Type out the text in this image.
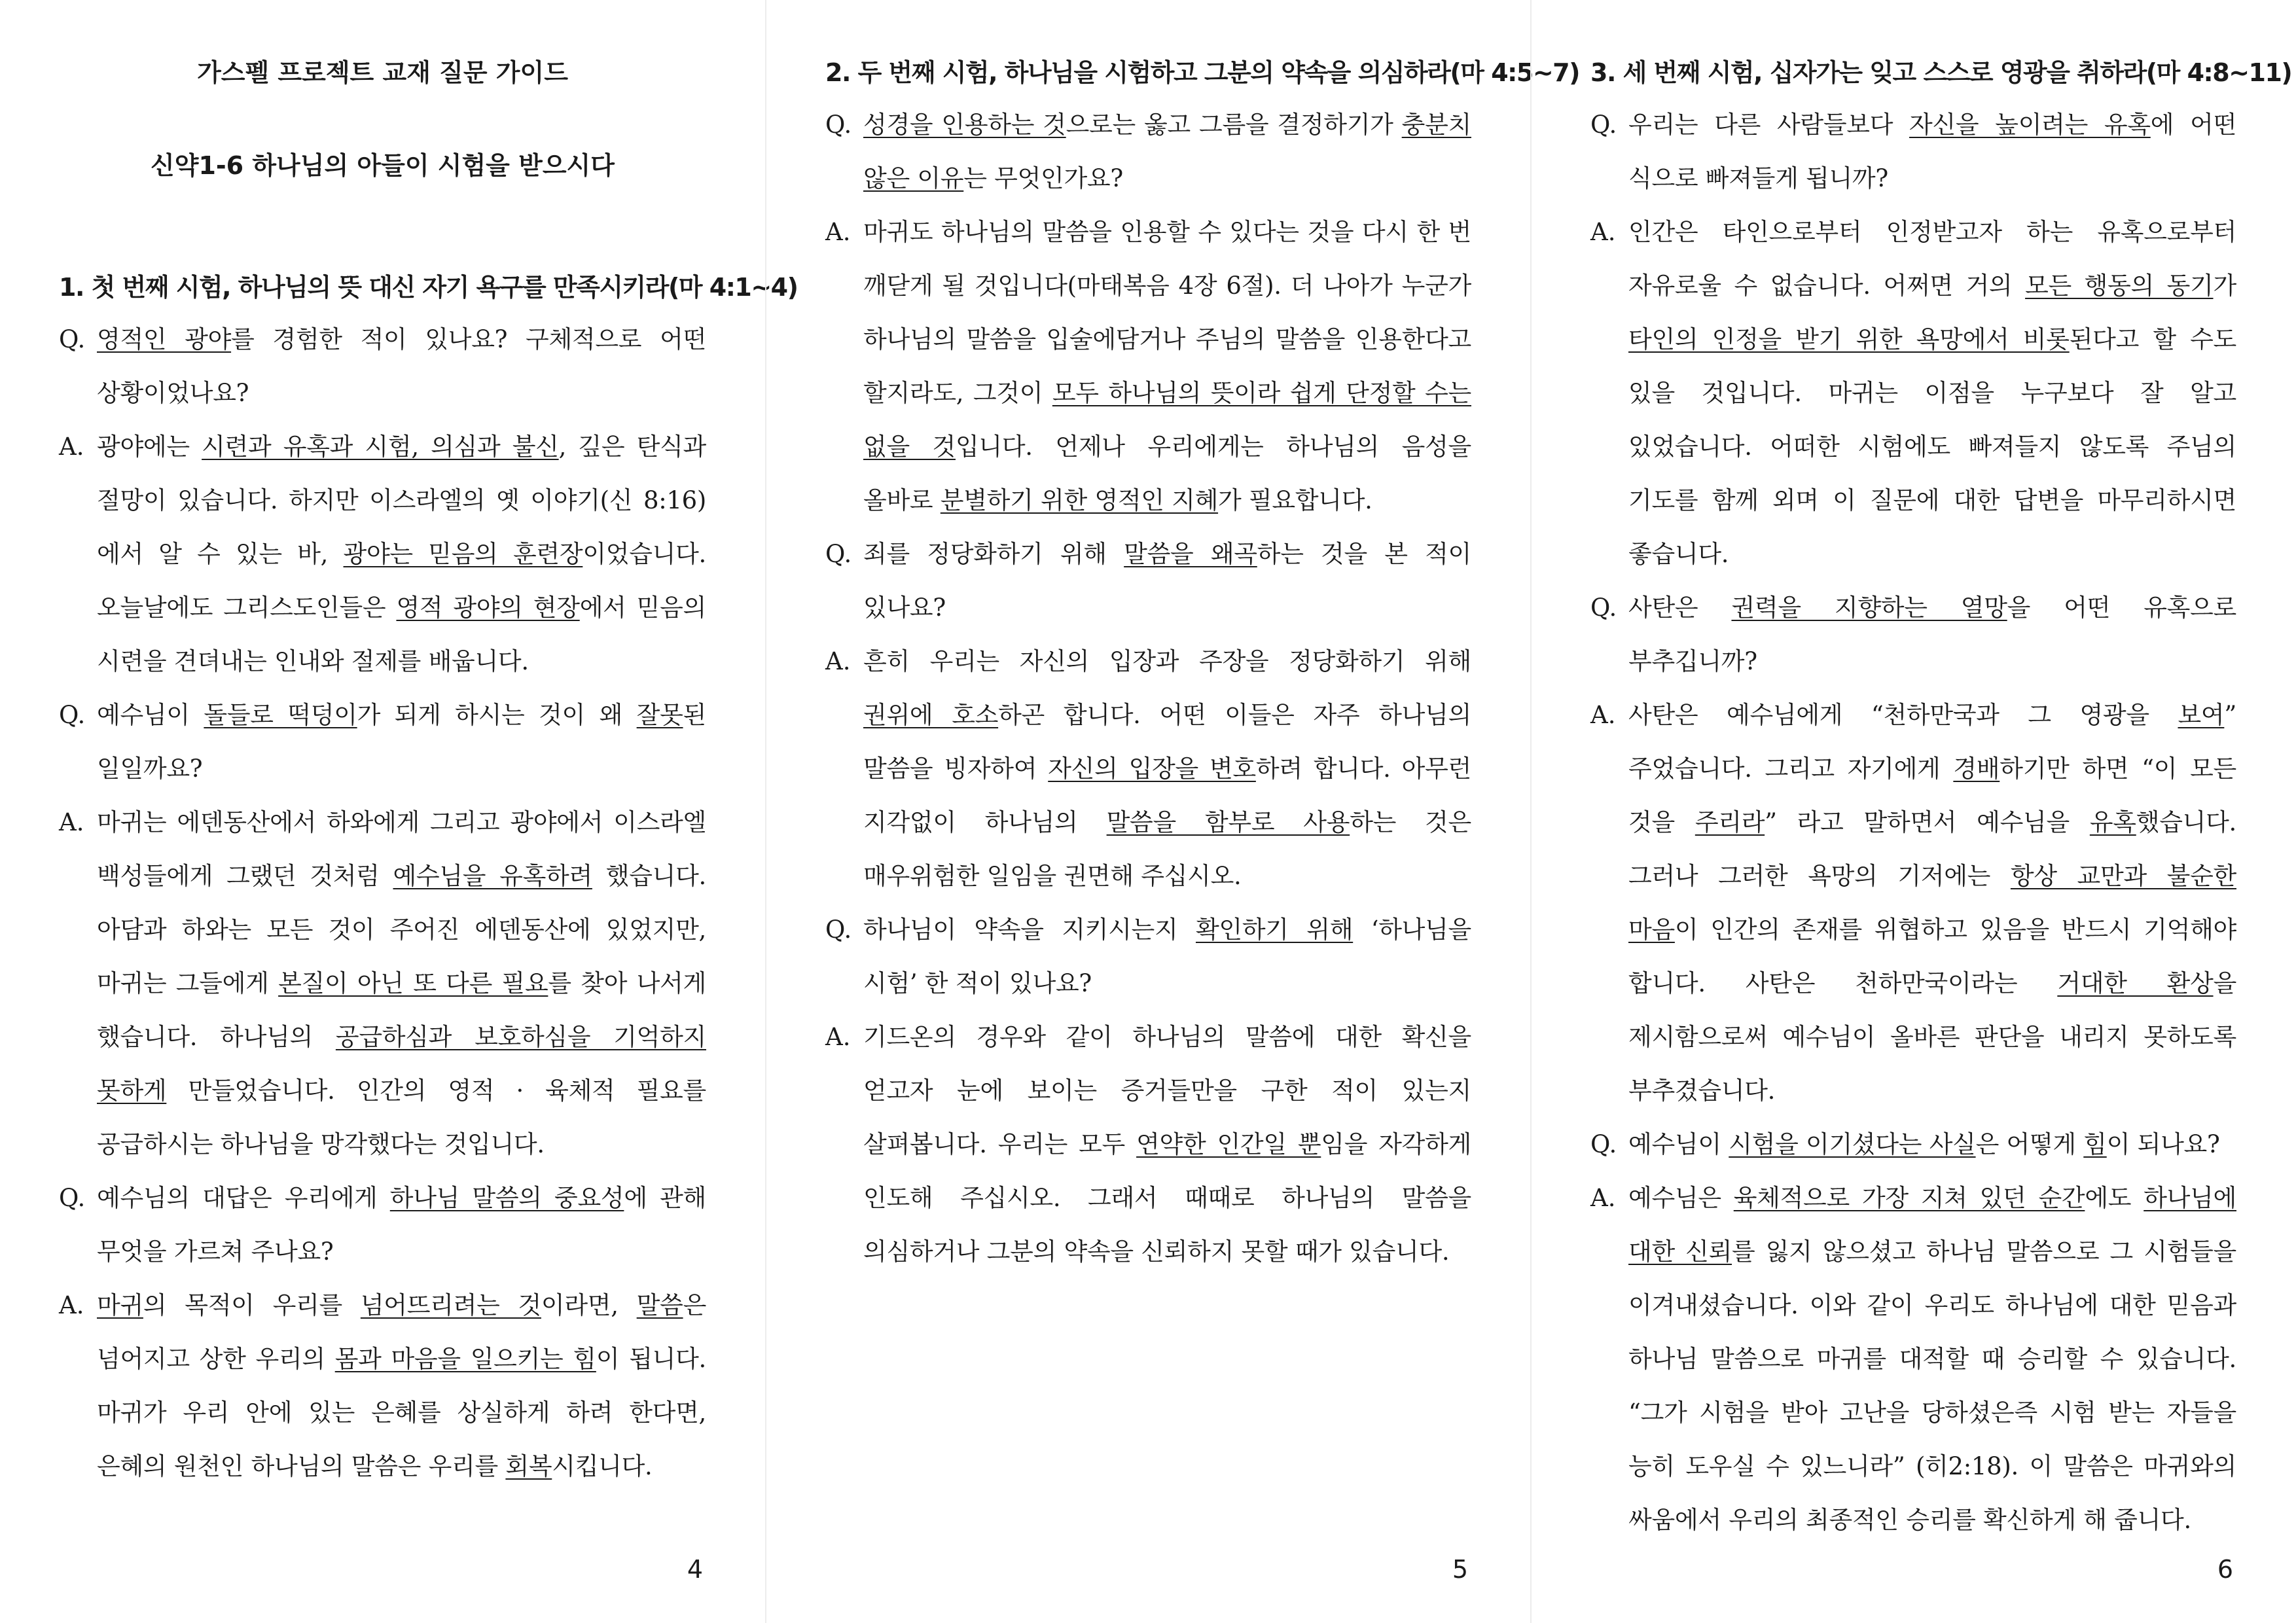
가스펠 프로젝트 교재 질문 가이드
신약1-6 하나님의 아들이 시험을 받으시다
1. 첫 번째 시험, 하나님의 뜻 대신 자기 욕구를 만족시키라(마 4:1~4)
Q. 영적인 광야를 경험한 적이 있나요? 구체적으로 어떤 상황이었나요?
A. 광야에는 시련과 유혹과 시험, 의심과 불신, 깊은 탄식과 절망이 있습니다. 하지만 이스라엘의 옛 이야기(신 8:16)에서 알 수 있는 바, 광야는 믿음의 훈련장이었습니다. 오늘날에도 그리스도인들은 영적 광야의 현장에서 믿음의 시련을 견뎌내는 인내와 절제를 배웁니다.
Q. 예수님이 돌들로 떡덩이가 되게 하시는 것이 왜 잘못된 일일까요?
A. 마귀는 에덴동산에서 하와에게 그리고 광야에서 이스라엘 백성들에게 그랬던 것처럼 예수님을 유혹하려 했습니다. 아담과 하와는 모든 것이 주어진 에덴동산에 있었지만, 마귀는 그들에게 본질이 아닌 또 다른 필요를 찾아 나서게 했습니다. 하나님의 공급하심과 보호하심을 기억하지 못하게 만들었습니다. 인간의 영적 · 육체적 필요를 공급하시는 하나님을 망각했다는 것입니다.
Q. 예수님의 대답은 우리에게 하나님 말씀의 중요성에 관해 무엇을 가르쳐 주나요?
A. 마귀의 목적이 우리를 넘어뜨리려는 것이라면, 말씀은 넘어지고 상한 우리의 몸과 마음을 일으키는 힘이 됩니다. 마귀가 우리 안에 있는 은혜를 상실하게 하려 한다면, 은혜의 원천인 하나님의 말씀은 우리를 회복시킵니다.
4
2. 두 번째 시험, 하나님을 시험하고 그분의 약속을 의심하라(마 4:5~7)
Q. 성경을 인용하는 것으로는 옳고 그름을 결정하기가 충분치 않은 이유는 무엇인가요?
A. 마귀도 하나님의 말씀을 인용할 수 있다는 것을 다시 한 번 깨닫게 될 것입니다(마태복음 4장 6절). 더 나아가 누군가 하나님의 말씀을 입술에담거나 주님의 말씀을 인용한다고 할지라도, 그것이 모두 하나님의 뜻이라 쉽게 단정할 수는 없을 것입니다. 언제나 우리에게는 하나님의 음성을 올바로 분별하기 위한 영적인 지혜가 필요합니다.
Q. 죄를 정당화하기 위해 말씀을 왜곡하는 것을 본 적이 있나요?
A. 흔히 우리는 자신의 입장과 주장을 정당화하기 위해 권위에 호소하곤 합니다. 어떤 이들은 자주 하나님의 말씀을 빙자하여 자신의 입장을 변호하려 합니다. 아무런 지각없이 하나님의 말씀을 함부로 사용하는 것은 매우위험한 일임을 권면해 주십시오.
Q. 하나님이 약속을 지키시는지 확인하기 위해 ‘하나님을 시험’ 한 적이 있나요?
A. 기드온의 경우와 같이 하나님의 말씀에 대한 확신을 얻고자 눈에 보이는 증거들만을 구한 적이 있는지 살펴봅니다. 우리는 모두 연약한 인간일 뿐임을 자각하게 인도해 주십시오. 그래서 때때로 하나님의 말씀을 의심하거나 그분의 약속을 신뢰하지 못할 때가 있습니다.
5
3. 세 번째 시험, 십자가는 잊고 스스로 영광을 취하라(마 4:8~11)
Q. 우리는 다른 사람들보다 자신을 높이려는 유혹에 어떤 식으로 빠져들게 됩니까?
A. 인간은 타인으로부터 인정받고자 하는 유혹으로부터 자유로울 수 없습니다. 어쩌면 거의 모든 행동의 동기가 타인의 인정을 받기 위한 욕망에서 비롯된다고 할 수도 있을 것입니다. 마귀는 이점을 누구보다 잘 알고 있었습니다. 어떠한 시험에도 빠져들지 않도록 주님의 기도를 함께 외며 이 질문에 대한 답변을 마무리하시면 좋습니다.
Q. 사탄은 권력을 지향하는 열망을 어떤 유혹으로 부추깁니까?
A. 사탄은 예수님에게 “천하만국과 그 영광을 보여” 주었습니다. 그리고 자기에게 경배하기만 하면 “이 모든 것을 주리라” 라고 말하면서 예수님을 유혹했습니다. 그러나 그러한 욕망의 기저에는 항상 교만과 불순한 마음이 인간의 존재를 위협하고 있음을 반드시 기억해야 합니다. 사탄은 천하만국이라는 거대한 환상을 제시함으로써 예수님이 올바른 판단을 내리지 못하도록 부추겼습니다.
Q. 예수님이 시험을 이기셨다는 사실은 어떻게 힘이 되나요?
A. 예수님은 육체적으로 가장 지쳐 있던 순간에도 하나님에 대한 신뢰를 잃지 않으셨고 하나님 말씀으로 그 시험들을 이겨내셨습니다. 이와 같이 우리도 하나님에 대한 믿음과 하나님 말씀으로 마귀를 대적할 때 승리할 수 있습니다. “그가 시험을 받아 고난을 당하셨은즉 시험 받는 자들을 능히 도우실 수 있느니라” (히2:18). 이 말씀은 마귀와의 싸움에서 우리의 최종적인 승리를 확신하게 해 줍니다.
6
